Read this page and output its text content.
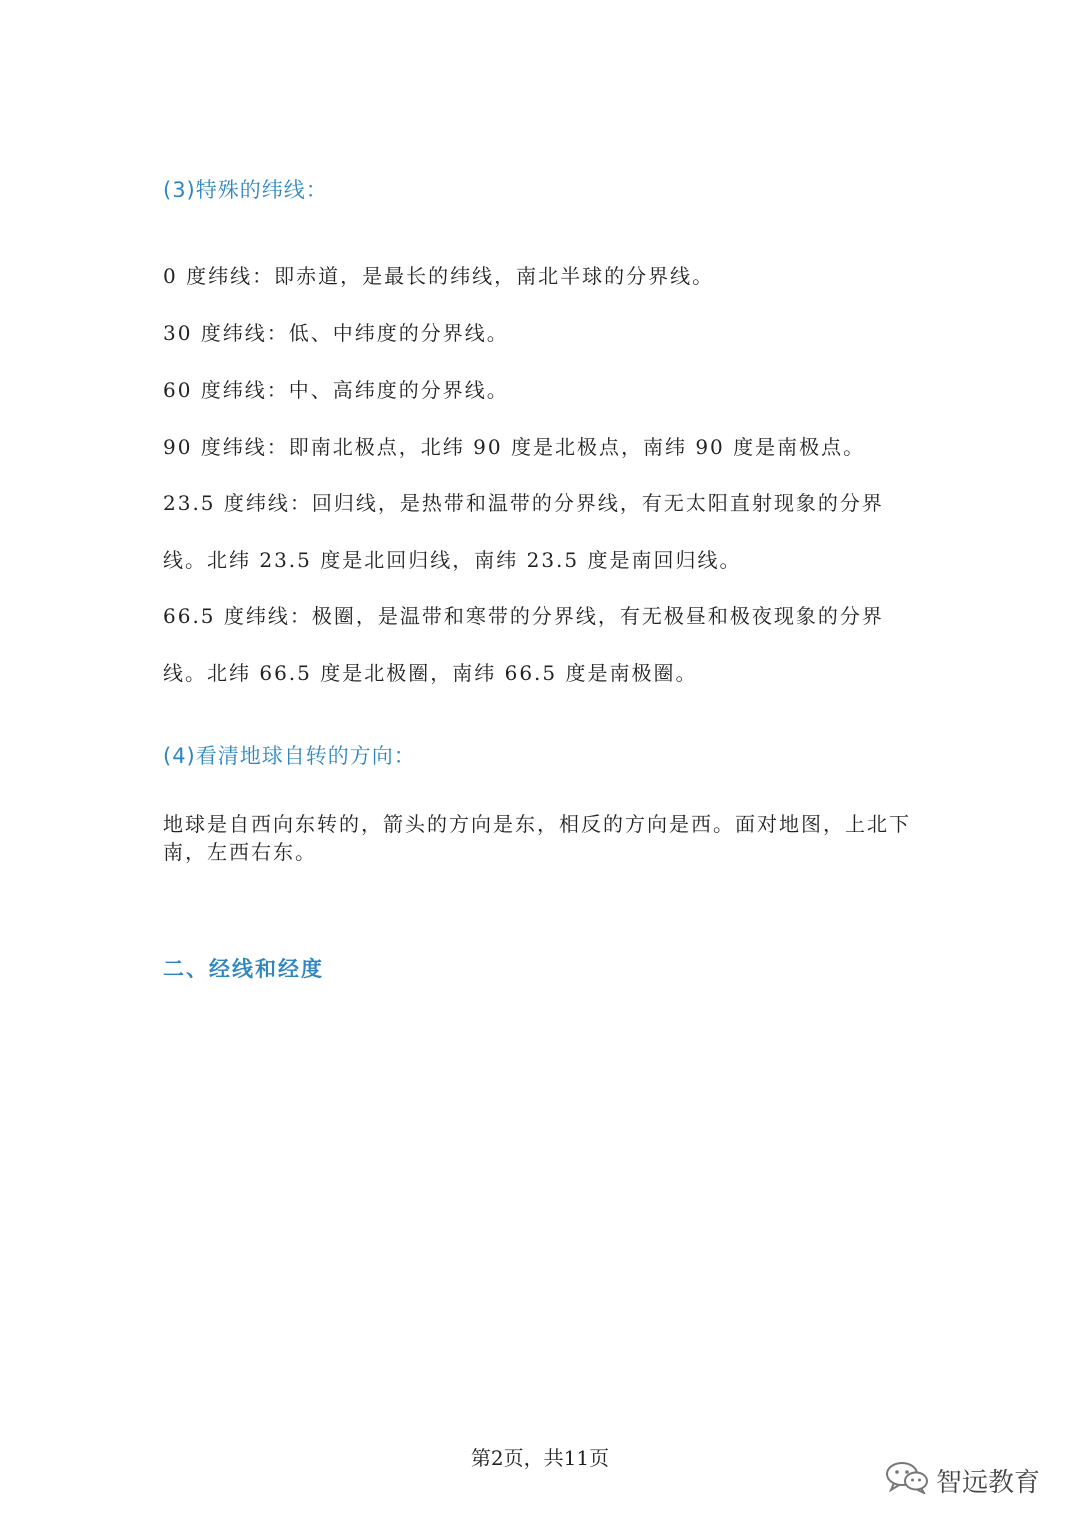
(3)特殊的纬线：
0 度纬线：即赤道，是最长的纬线，南北半球的分界线。
30 度纬线：低、中纬度的分界线。
60 度纬线：中、高纬度的分界线。
90 度纬线：即南北极点，北纬 90 度是北极点，南纬 90 度是南极点。
23.5 度纬线：回归线，是热带和温带的分界线，有无太阳直射现象的分界
线。北纬 23.5 度是北回归线，南纬 23.5 度是南回归线。
66.5 度纬线：极圈，是温带和寒带的分界线，有无极昼和极夜现象的分界
线。北纬 66.5 度是北极圈，南纬 66.5 度是南极圈。
(4)看清地球自转的方向：
地球是自西向东转的，箭头的方向是东，相反的方向是西。面对地图，上北下南，左西右东。
二、经线和经度
第2页，共11页
智远教育
